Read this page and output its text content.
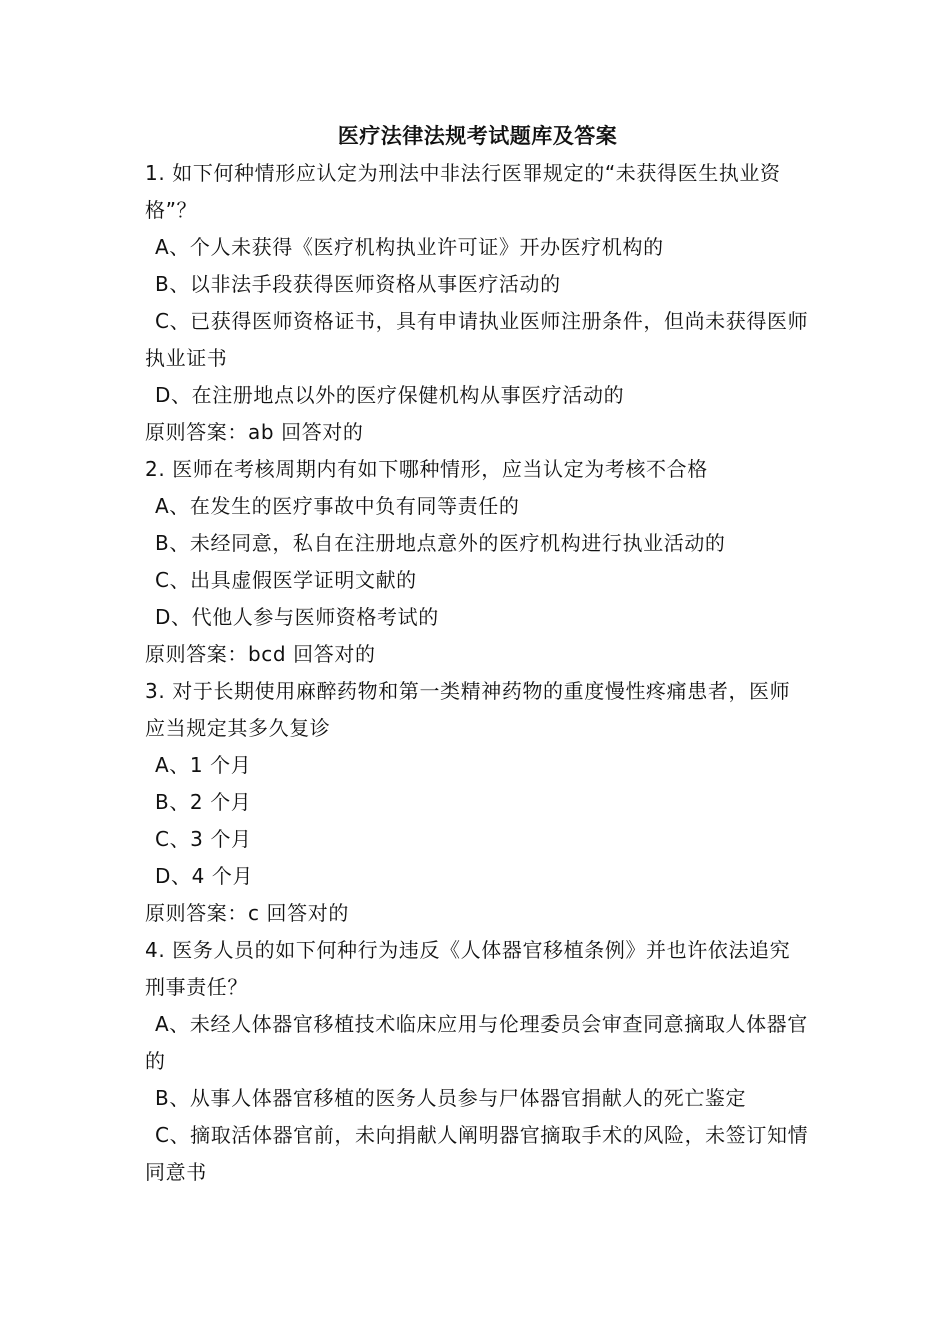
医疗法律法规考试题库及答案

1. 如下何种情形应认定为刑法中非法行医罪规定的“未获得医生执业资格”？

A、个人未获得《医疗机构执业许可证》开办医疗机构的

B、以非法手段获得医师资格从事医疗活动的

C、已获得医师资格证书，具有申请执业医师注册条件，但尚未获得医师执业证书

D、在注册地点以外的医疗保健机构从事医疗活动的

原则答案：ab 回答对的

2. 医师在考核周期内有如下哪种情形，应当认定为考核不合格

A、在发生的医疗事故中负有同等责任的

B、未经同意，私自在注册地点意外的医疗机构进行执业活动的

C、出具虚假医学证明文献的

D、代他人参与医师资格考试的

原则答案：bcd 回答对的

3. 对于长期使用麻醉药物和第一类精神药物的重度慢性疼痛患者，医师应当规定其多久复诊

A、1 个月

B、2 个月

C、3 个月

D、4 个月

原则答案：c 回答对的

4. 医务人员的如下何种行为违反《人体器官移植条例》并也许依法追究刑事责任？

A、未经人体器官移植技术临床应用与伦理委员会审查同意摘取人体器官的

B、从事人体器官移植的医务人员参与尸体器官捐献人的死亡鉴定

C、摘取活体器官前，未向捐献人阐明器官摘取手术的风险，未签订知情同意书
